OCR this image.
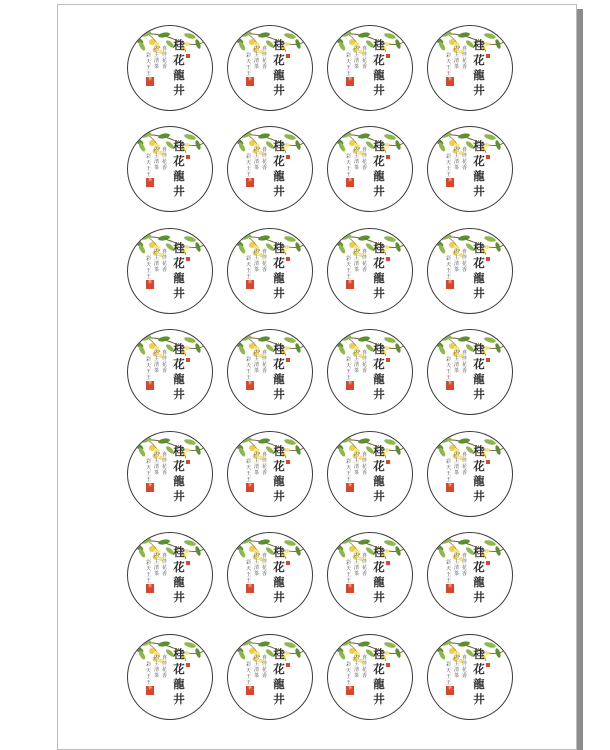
桂花龍井
喜伴花香
内主清茶
彩天王王
茶
桂花龍井
喜伴花香
内主清茶
彩天王王
茶
桂花龍井
喜伴花香
内主清茶
彩天王王
茶
桂花龍井
喜伴花香
内主清茶
彩天王王
茶
桂花龍井
喜伴花香
内主清茶
彩天王王
茶
桂花龍井
喜伴花香
内主清茶
彩天王王
茶
桂花龍井
喜伴花香
内主清茶
彩天王王
茶
桂花龍井
喜伴花香
内主清茶
彩天王王
茶
桂花龍井
喜伴花香
内主清茶
彩天王王
茶
桂花龍井
喜伴花香
内主清茶
彩天王王
茶
桂花龍井
喜伴花香
内主清茶
彩天王王
茶
桂花龍井
喜伴花香
内主清茶
彩天王王
茶
桂花龍井
喜伴花香
内主清茶
彩天王王
茶
桂花龍井
喜伴花香
内主清茶
彩天王王
茶
桂花龍井
喜伴花香
内主清茶
彩天王王
茶
桂花龍井
喜伴花香
内主清茶
彩天王王
茶
桂花龍井
喜伴花香
内主清茶
彩天王王
茶
桂花龍井
喜伴花香
内主清茶
彩天王王
茶
桂花龍井
喜伴花香
内主清茶
彩天王王
茶
桂花龍井
喜伴花香
内主清茶
彩天王王
茶
桂花龍井
喜伴花香
内主清茶
彩天王王
茶
桂花龍井
喜伴花香
内主清茶
彩天王王
茶
桂花龍井
喜伴花香
内主清茶
彩天王王
茶
桂花龍井
喜伴花香
内主清茶
彩天王王
茶
桂花龍井
喜伴花香
内主清茶
彩天王王
茶
桂花龍井
喜伴花香
内主清茶
彩天王王
茶
桂花龍井
喜伴花香
内主清茶
彩天王王
茶
桂花龍井
喜伴花香
内主清茶
彩天王王
茶
